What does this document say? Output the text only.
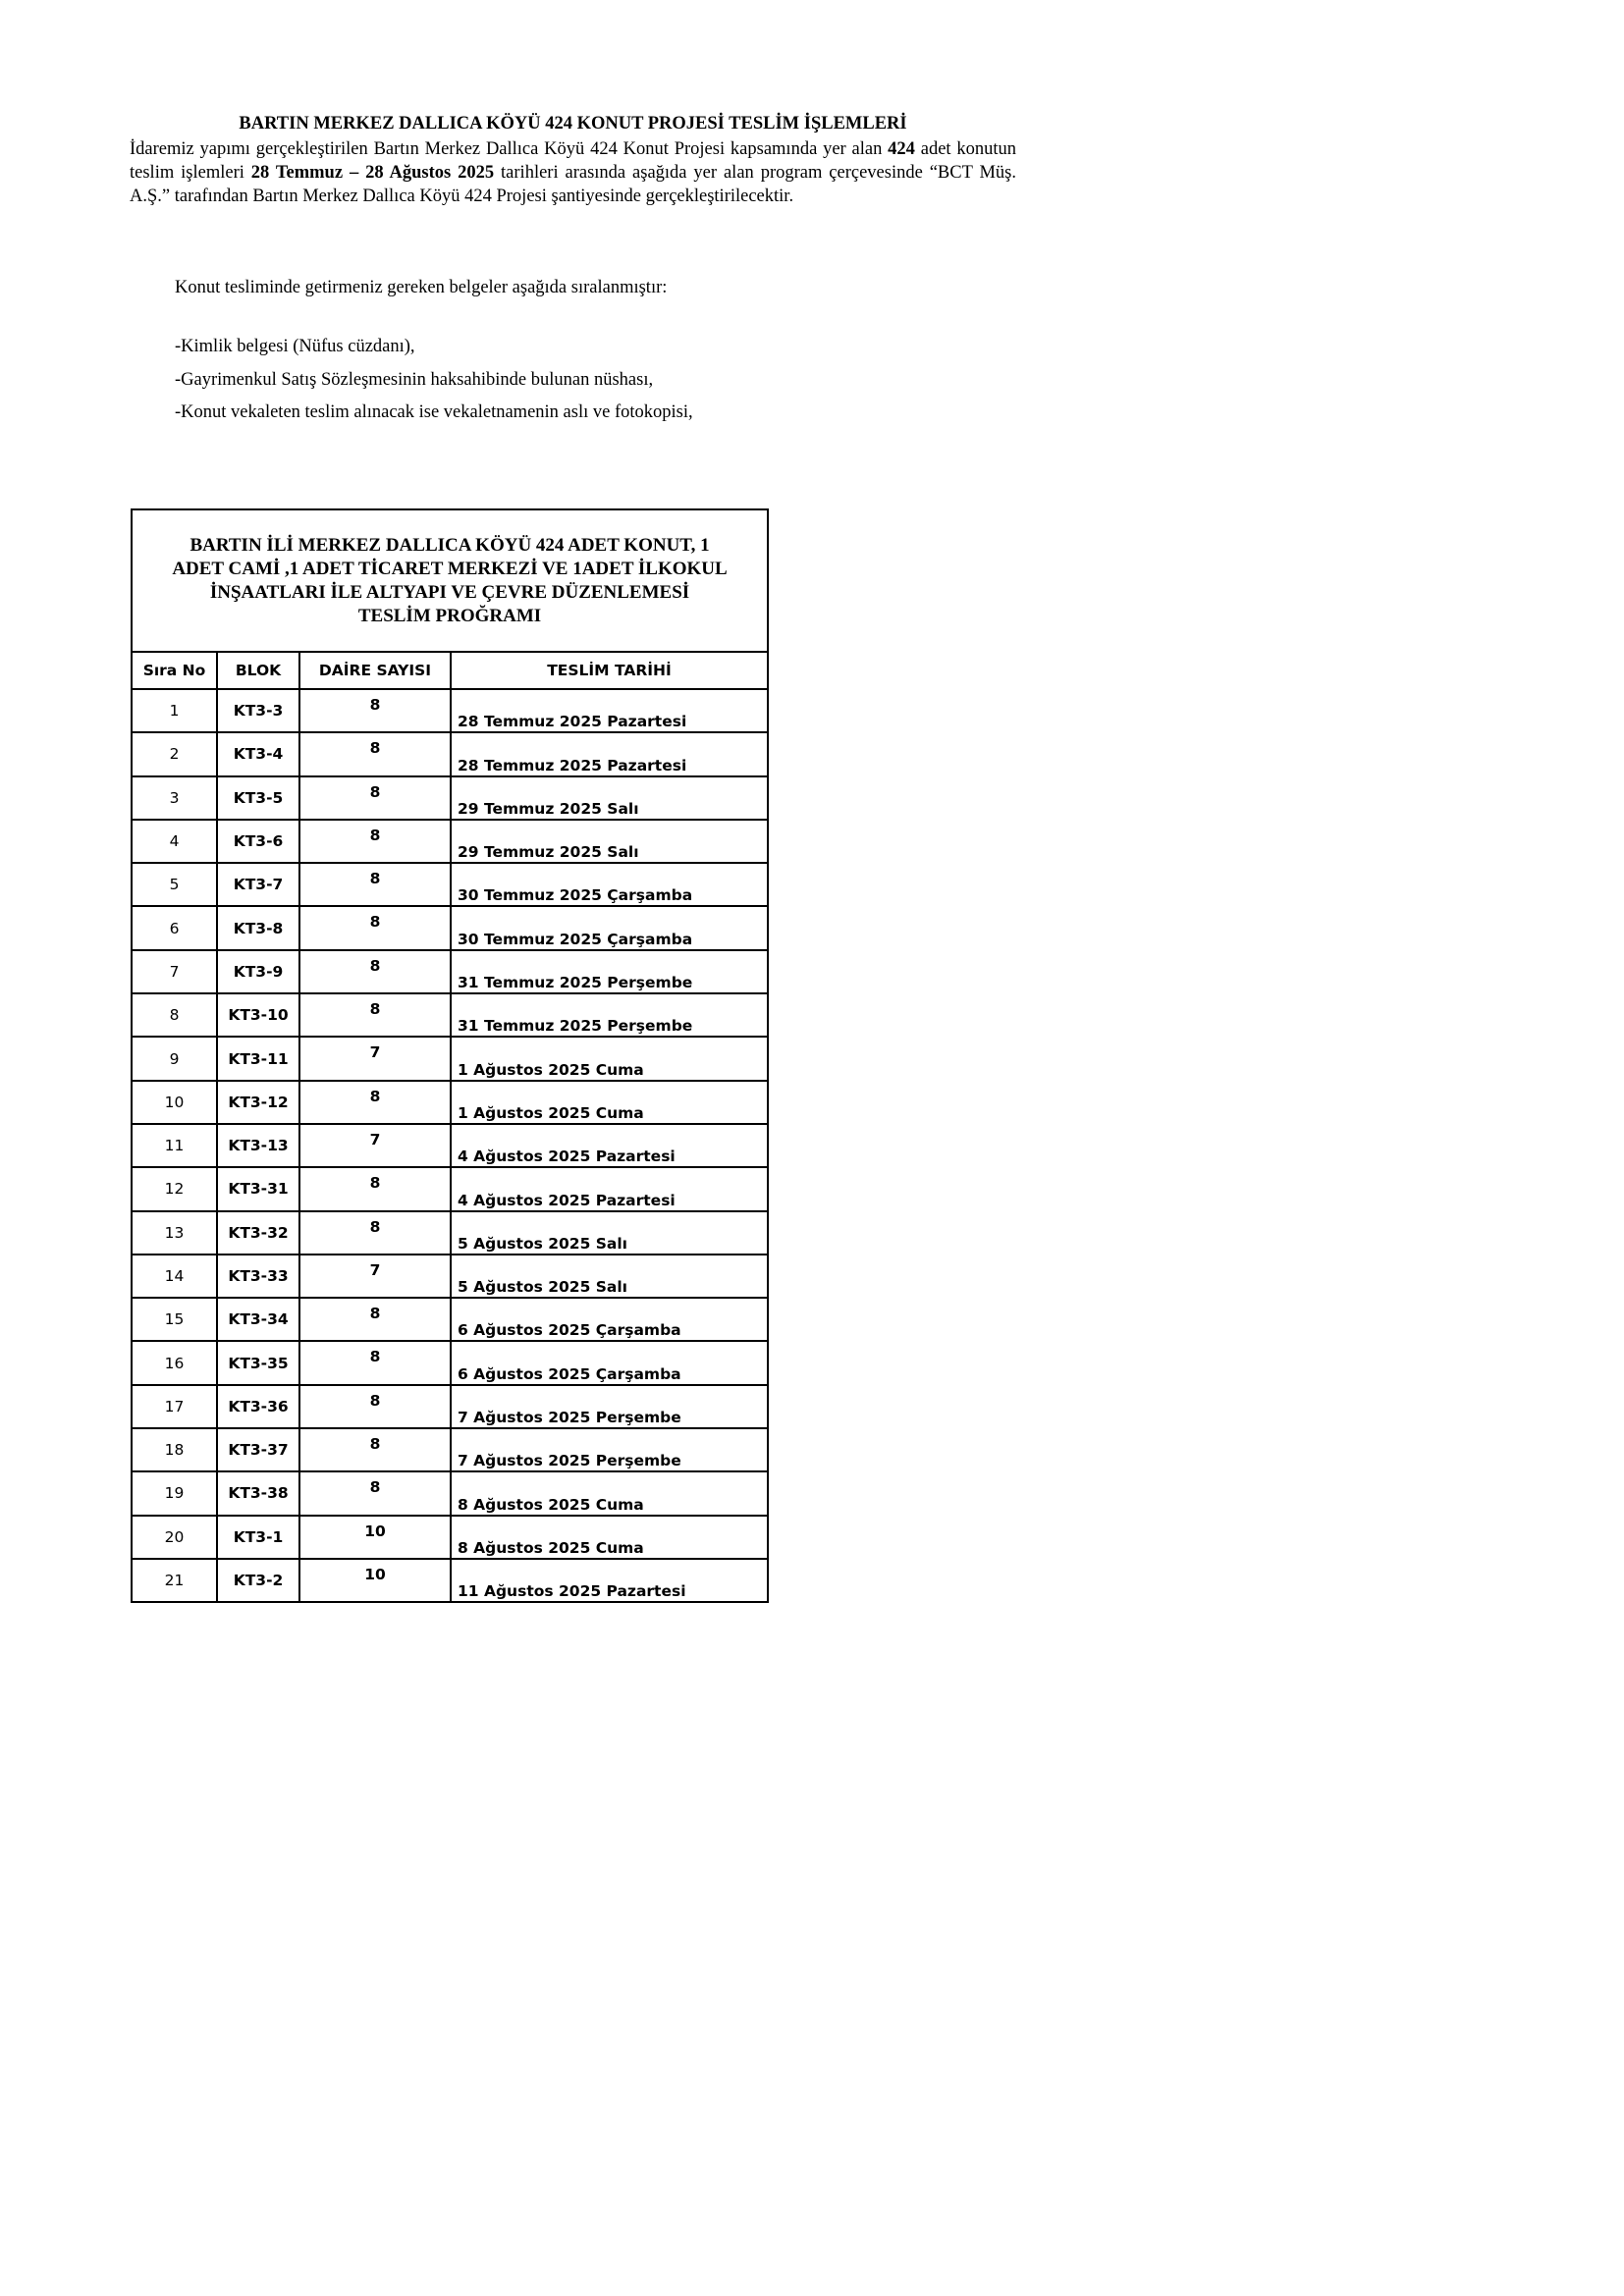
BARTIN MERKEZ DALLICA KÖYÜ 424 KONUT PROJESİ TESLİM İŞLEMLERİ
İdaremiz yapımı gerçekleştirilen Bartın Merkez Dallıca Köyü 424 Konut Projesi kapsamında yer alan 424 adet konutun teslim işlemleri 28 Temmuz – 28 Ağustos 2025 tarihleri arasında aşağıda yer alan program çerçevesinde “BCT Müş. A.Ş.” tarafından Bartın Merkez Dallıca Köyü 424 Projesi şantiyesinde gerçekleştirilecektir.
Konut tesliminde getirmeniz gereken belgeler aşağıda sıralanmıştır:
-Kimlik belgesi (Nüfus cüzdanı),
-Gayrimenkul Satış Sözleşmesinin haksahibinde bulunan nüshası,
-Konut vekaleten teslim alınacak ise vekaletnamenin aslı ve fotokopisi,
BARTIN İLİ MERKEZ DALLICA KÖYÜ 424 ADET KONUT, 1
ADET CAMİ ,1 ADET TİCARET MERKEZİ VE 1ADET İLKOKUL
İNŞAATLARI İLE ALTYAPI VE ÇEVRE DÜZENLEMESİ
TESLİM PROĞRAMI			

Sıra No	BLOK	DAİRE SAYISI	TESLİM TARİHİ
1	KT3-3	8	28 Temmuz 2025 Pazartesi
2	KT3-4	8	28 Temmuz 2025 Pazartesi
3	KT3-5	8	29 Temmuz 2025 Salı
4	KT3-6	8	29 Temmuz 2025 Salı
5	KT3-7	8	30 Temmuz 2025 Çarşamba
6	KT3-8	8	30 Temmuz 2025 Çarşamba
7	KT3-9	8	31 Temmuz 2025 Perşembe
8	KT3-10	8	31 Temmuz 2025 Perşembe
9	KT3-11	7	1 Ağustos 2025 Cuma
10	KT3-12	8	1 Ağustos 2025 Cuma
11	KT3-13	7	4 Ağustos 2025 Pazartesi
12	KT3-31	8	4 Ağustos 2025 Pazartesi
13	KT3-32	8	5 Ağustos 2025 Salı
14	KT3-33	7	5 Ağustos 2025 Salı
15	KT3-34	8	6 Ağustos 2025 Çarşamba
16	KT3-35	8	6 Ağustos 2025 Çarşamba
17	KT3-36	8	7 Ağustos 2025 Perşembe
18	KT3-37	8	7 Ağustos 2025 Perşembe
19	KT3-38	8	8 Ağustos 2025 Cuma
20	KT3-1	10	8 Ağustos 2025 Cuma
21	KT3-2	10	11 Ağustos 2025 Pazartesi
